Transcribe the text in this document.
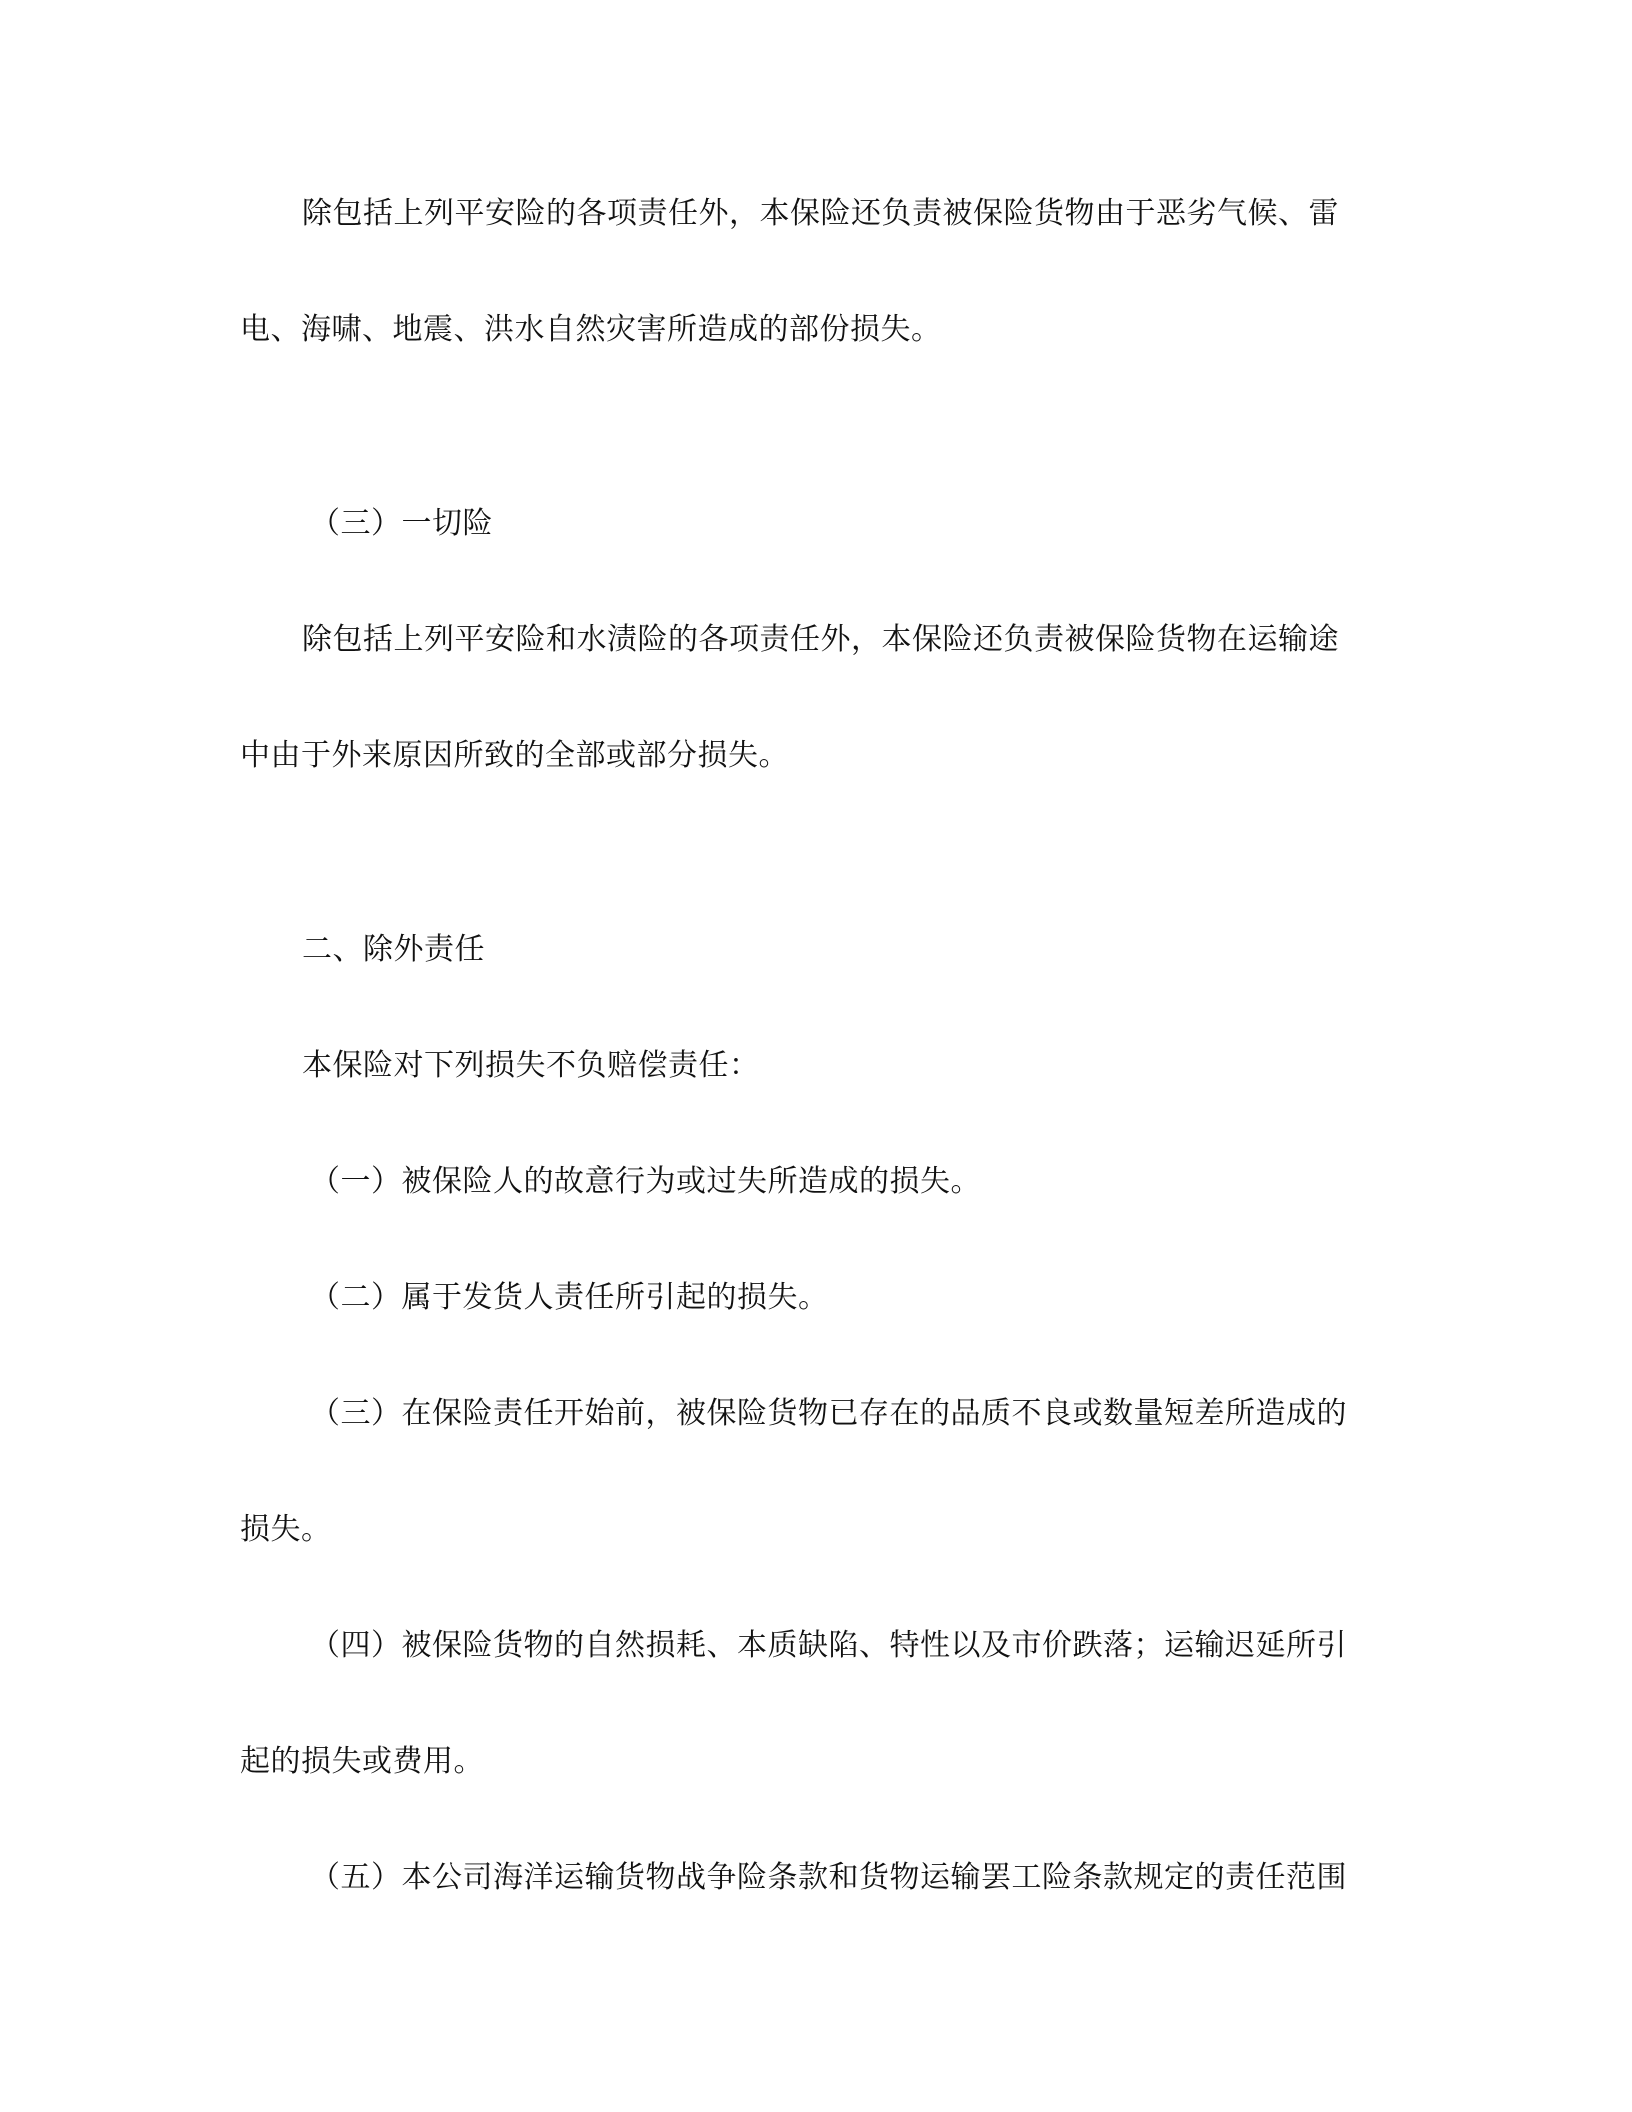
除包括上列平安险的各项责任外，本保险还负责被保险货物由于恶劣气候、雷
电、海啸、地震、洪水自然灾害所造成的部份损失。
（三）一切险
除包括上列平安险和水渍险的各项责任外，本保险还负责被保险货物在运输途
中由于外来原因所致的全部或部分损失。
二、除外责任
本保险对下列损失不负赔偿责任：
（一）被保险人的故意行为或过失所造成的损失。
（二）属于发货人责任所引起的损失。
（三）在保险责任开始前，被保险货物已存在的品质不良或数量短差所造成的
损失。
（四）被保险货物的自然损耗、本质缺陷、特性以及市价跌落；运输迟延所引
起的损失或费用。
（五）本公司海洋运输货物战争险条款和货物运输罢工险条款规定的责任范围
